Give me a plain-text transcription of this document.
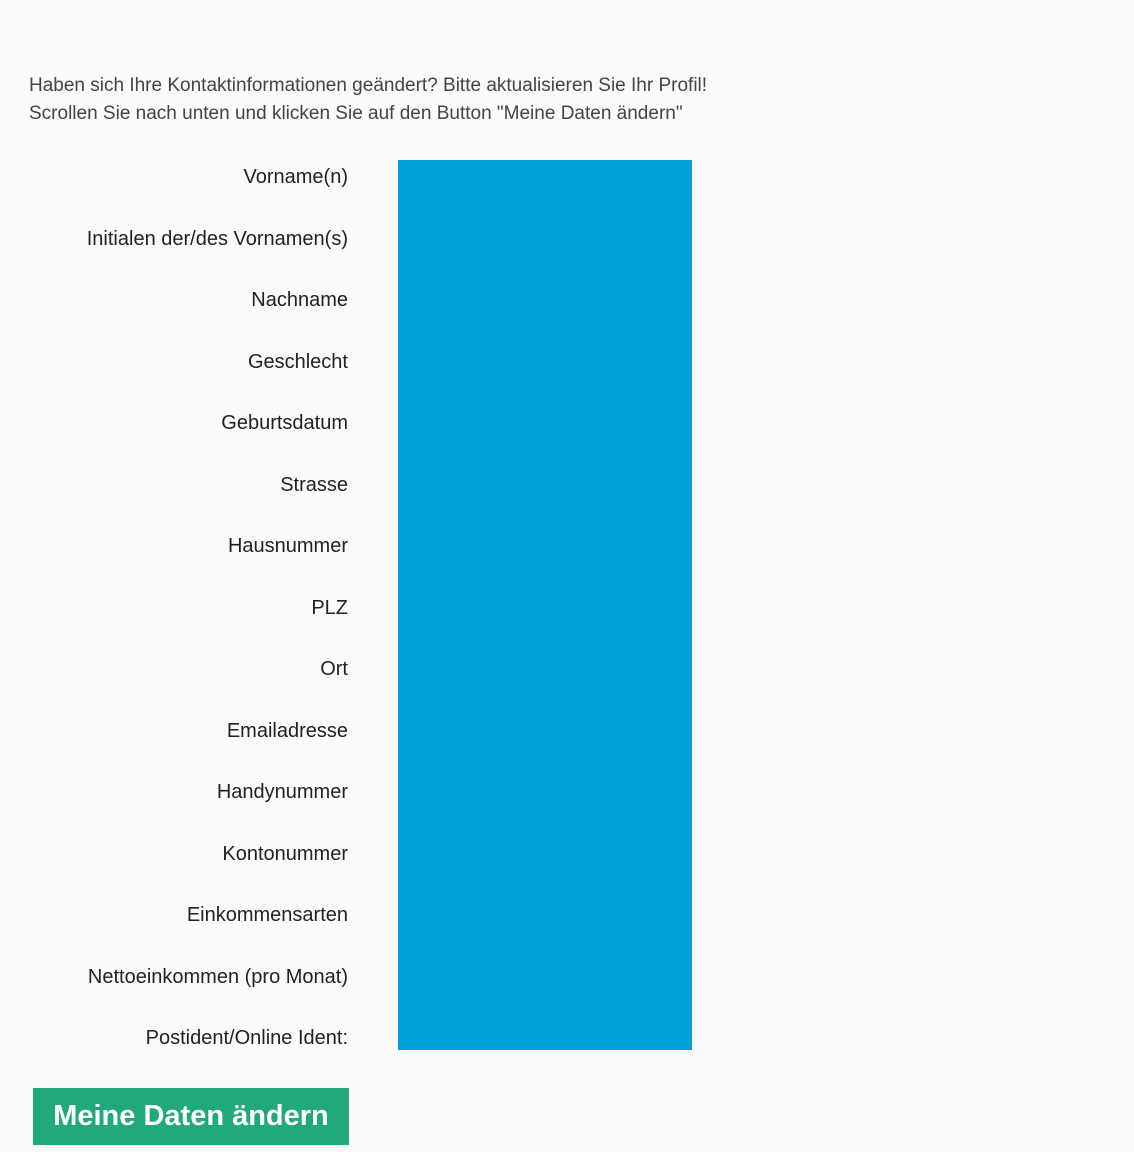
Haben sich Ihre Kontaktinformationen geändert? Bitte aktualisieren Sie Ihr Profil!

Scrollen Sie nach unten und klicken Sie auf den Button "Meine Daten ändern"

Vorname(n)
Initialen der/des Vornamen(s)
Nachname
Geschlecht
Geburtsdatum
Strasse
Hausnummer
PLZ
Ort
Emailadresse
Handynummer
Kontonummer
Einkommensarten
Nettoeinkommen (pro Monat)
Postident/Online Ident:
Meine Daten ändern
